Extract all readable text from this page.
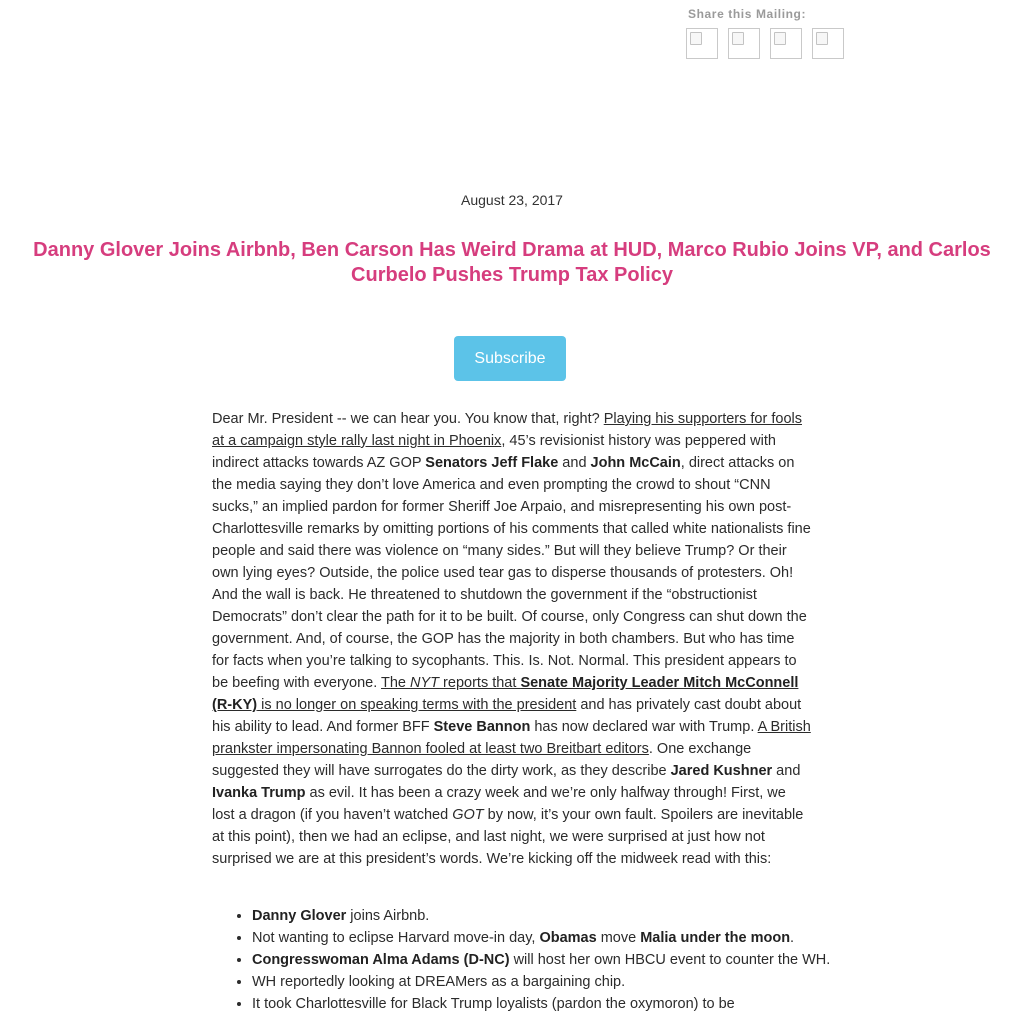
Share this Mailing:
August 23, 2017
Danny Glover Joins Airbnb, Ben Carson Has Weird Drama at HUD, Marco Rubio Joins VP, and Carlos Curbelo Pushes Trump Tax Policy
Subscribe

Dear Mr. President -- we can hear you. You know that, right? Playing his supporters for fools at a campaign style rally last night in Phoenix, 45’s revisionist history was peppered with indirect attacks towards AZ GOP Senators Jeff Flake and John McCain, direct attacks on the media saying they don’t love America and even prompting the crowd to shout “CNN sucks,” an implied pardon for former Sheriff Joe Arpaio, and misrepresenting his own post-Charlottesville remarks by omitting portions of his comments that called white nationalists fine people and said there was violence on “many sides.” But will they believe Trump? Or their own lying eyes? Outside, the police used tear gas to disperse thousands of protesters. Oh! And the wall is back. He threatened to shutdown the government if the “obstructionist Democrats” don’t clear the path for it to be built. Of course, only Congress can shut down the government. And, of course, the GOP has the majority in both chambers. But who has time for facts when you’re talking to sycophants. This. Is. Not. Normal. This president appears to be beefing with everyone. The NYT reports that Senate Majority Leader Mitch McConnell (R-KY) is no longer on speaking terms with the president and has privately cast doubt about his ability to lead. And former BFF Steve Bannon has now declared war with Trump. A British prankster impersonating Bannon fooled at least two Breitbart editors. One exchange suggested they will have surrogates do the dirty work, as they describe Jared Kushner and Ivanka Trump as evil. It has been a crazy week and we’re only halfway through! First, we lost a dragon (if you haven’t watched GOT by now, it’s your own fault. Spoilers are inevitable at this point), then we had an eclipse, and last night, we were surprised at just how not surprised we are at this president’s words. We’re kicking off the midweek read with this:

• Danny Glover joins Airbnb.
• Not wanting to eclipse Harvard move-in day, Obamas move Malia under the moon.
• Congresswoman Alma Adams (D-NC) will host her own HBCU event to counter the WH.
• WH reportedly looking at DREAMers as a bargaining chip.
• It took Charlottesville for Black Trump loyalists (pardon the oxymoron) to be
